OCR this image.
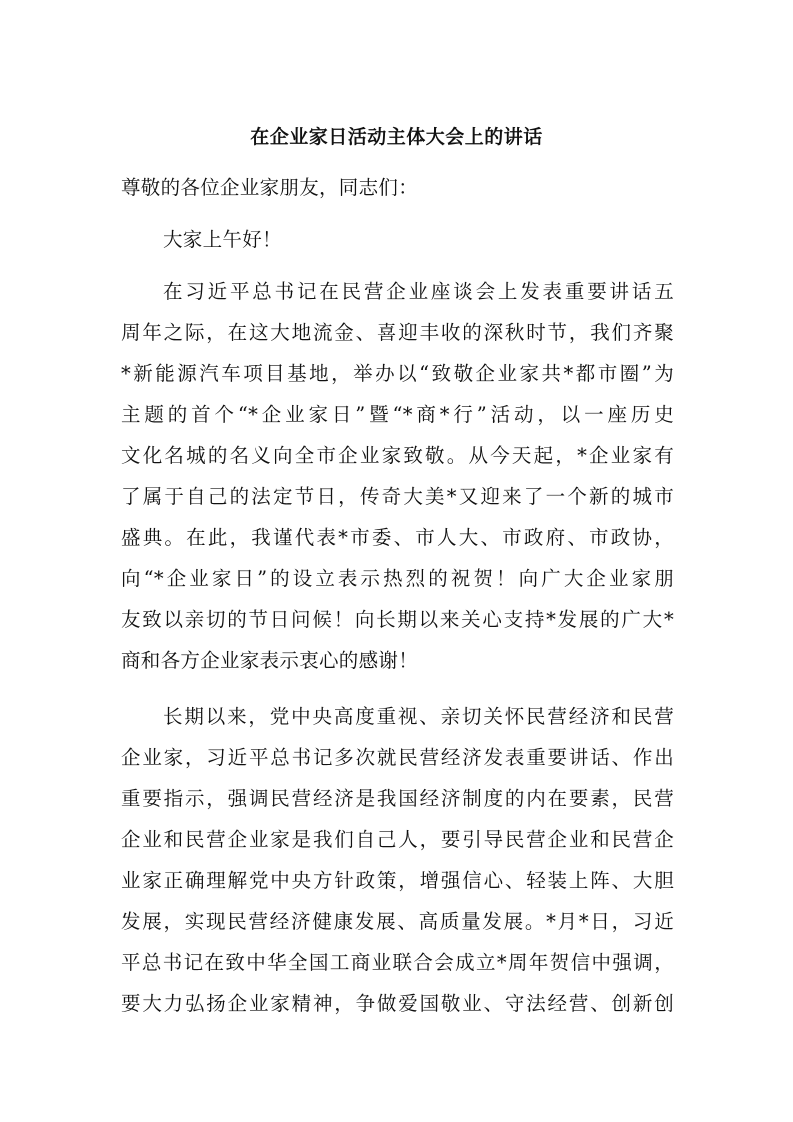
在企业家日活动主体大会上的讲话
尊敬的各位企业家朋友，同志们：
大家上午好！
在习近平总书记在民营企业座谈会上发表重要讲话五
周年之际，在这大地流金、喜迎丰收的深秋时节，我们齐聚
*新能源汽车项目基地，举办以“致敬企业家共*都市圈”为
主题的首个“*企业家日”暨“*商*行”活动，以一座历史
文化名城的名义向全市企业家致敬。从今天起，*企业家有
了属于自己的法定节日，传奇大美*又迎来了一个新的城市
盛典。在此，我谨代表*市委、市人大、市政府、市政协，
向“*企业家日”的设立表示热烈的祝贺！向广大企业家朋
友致以亲切的节日问候！向长期以来关心支持*发展的广大*
商和各方企业家表示衷心的感谢！
长期以来，党中央高度重视、亲切关怀民营经济和民营
企业家，习近平总书记多次就民营经济发表重要讲话、作出
重要指示，强调民营经济是我国经济制度的内在要素，民营
企业和民营企业家是我们自己人，要引导民营企业和民营企
业家正确理解党中央方针政策，增强信心、轻装上阵、大胆
发展，实现民营经济健康发展、高质量发展。*月*日，习近
平总书记在致中华全国工商业联合会成立*周年贺信中强调，
要大力弘扬企业家精神，争做爱国敬业、守法经营、创新创
